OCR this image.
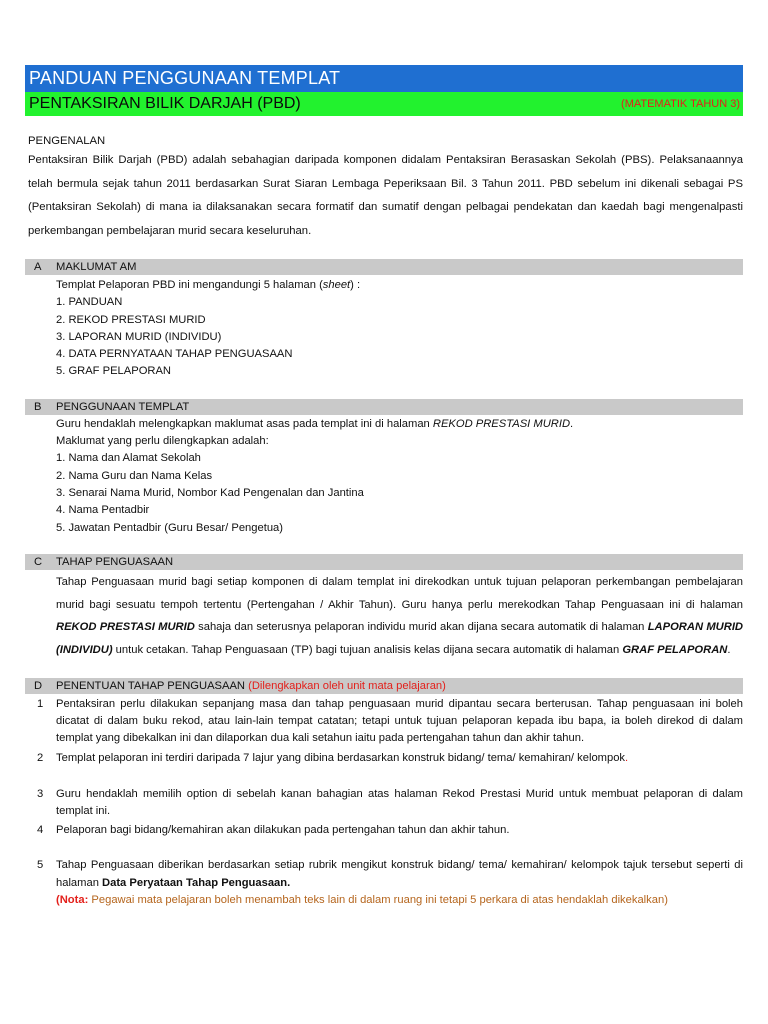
PANDUAN PENGGUNAAN TEMPLAT
PENTAKSIRAN BILIK DARJAH (PBD)	(MATEMATIK TAHUN 3)
PENGENALAN
Pentaksiran Bilik Darjah (PBD) adalah sebahagian daripada komponen didalam Pentaksiran Berasaskan Sekolah (PBS). Pelaksanaannya telah bermula sejak tahun 2011 berdasarkan Surat Siaran Lembaga Peperiksaan Bil. 3 Tahun 2011. PBD sebelum ini dikenali sebagai PS (Pentaksiran Sekolah) di mana ia dilaksanakan secara formatif dan sumatif dengan pelbagai pendekatan dan kaedah bagi mengenalpasti perkembangan pembelajaran murid secara keseluruhan.
A MAKLUMAT AM
Templat Pelaporan PBD ini mengandungi 5 halaman (sheet) :
1. PANDUAN
2. REKOD PRESTASI MURID
3. LAPORAN MURID (INDIVIDU)
4. DATA PERNYATAAN TAHAP PENGUASAAN
5. GRAF PELAPORAN
B PENGGUNAAN TEMPLAT
Guru hendaklah melengkapkan maklumat asas pada templat ini di halaman REKOD PRESTASI MURID.
Maklumat yang perlu dilengkapkan adalah:
1. Nama dan Alamat Sekolah
2. Nama Guru dan Nama Kelas
3. Senarai Nama Murid, Nombor Kad Pengenalan dan Jantina
4. Nama Pentadbir
5. Jawatan Pentadbir (Guru Besar/ Pengetua)
C TAHAP PENGUASAAN
Tahap Penguasaan murid bagi setiap komponen di dalam templat ini direkodkan untuk tujuan pelaporan perkembangan pembelajaran murid bagi sesuatu tempoh tertentu (Pertengahan / Akhir Tahun). Guru hanya perlu merekodkan Tahap Penguasaan ini di halaman REKOD PRESTASI MURID sahaja dan seterusnya pelaporan individu murid akan dijana secara automatik di halaman LAPORAN MURID (INDIVIDU) untuk cetakan. Tahap Penguasaan (TP) bagi tujuan analisis kelas dijana secara automatik di halaman GRAF PELAPORAN.
D PENENTUAN TAHAP PENGUASAAN (Dilengkapkan oleh unit mata pelajaran)
1 Pentaksiran perlu dilakukan sepanjang masa dan tahap penguasaan murid dipantau secara berterusan. Tahap penguasaan ini boleh dicatat di dalam buku rekod, atau lain-lain tempat catatan; tetapi untuk tujuan pelaporan kepada ibu bapa, ia boleh direkod di dalam templat yang dibekalkan ini dan dilaporkan dua kali setahun iaitu pada pertengahan tahun dan akhir tahun.
2 Templat pelaporan ini terdiri daripada 7 lajur yang dibina berdasarkan konstruk bidang/ tema/ kemahiran/ kelompok.
3 Guru hendaklah memilih option di sebelah kanan bahagian atas halaman Rekod Prestasi Murid untuk membuat pelaporan di dalam templat ini.
4 Pelaporan bagi bidang/kemahiran akan dilakukan pada pertengahan tahun dan akhir tahun.
5 Tahap Penguasaan diberikan berdasarkan setiap rubrik mengikut konstruk bidang/ tema/ kemahiran/ kelompok tajuk tersebut seperti di halaman Data Peryataan Tahap Penguasaan.
(Nota: Pegawai mata pelajaran boleh menambah teks lain di dalam ruang ini tetapi 5 perkara di atas hendaklah dikekalkan)
